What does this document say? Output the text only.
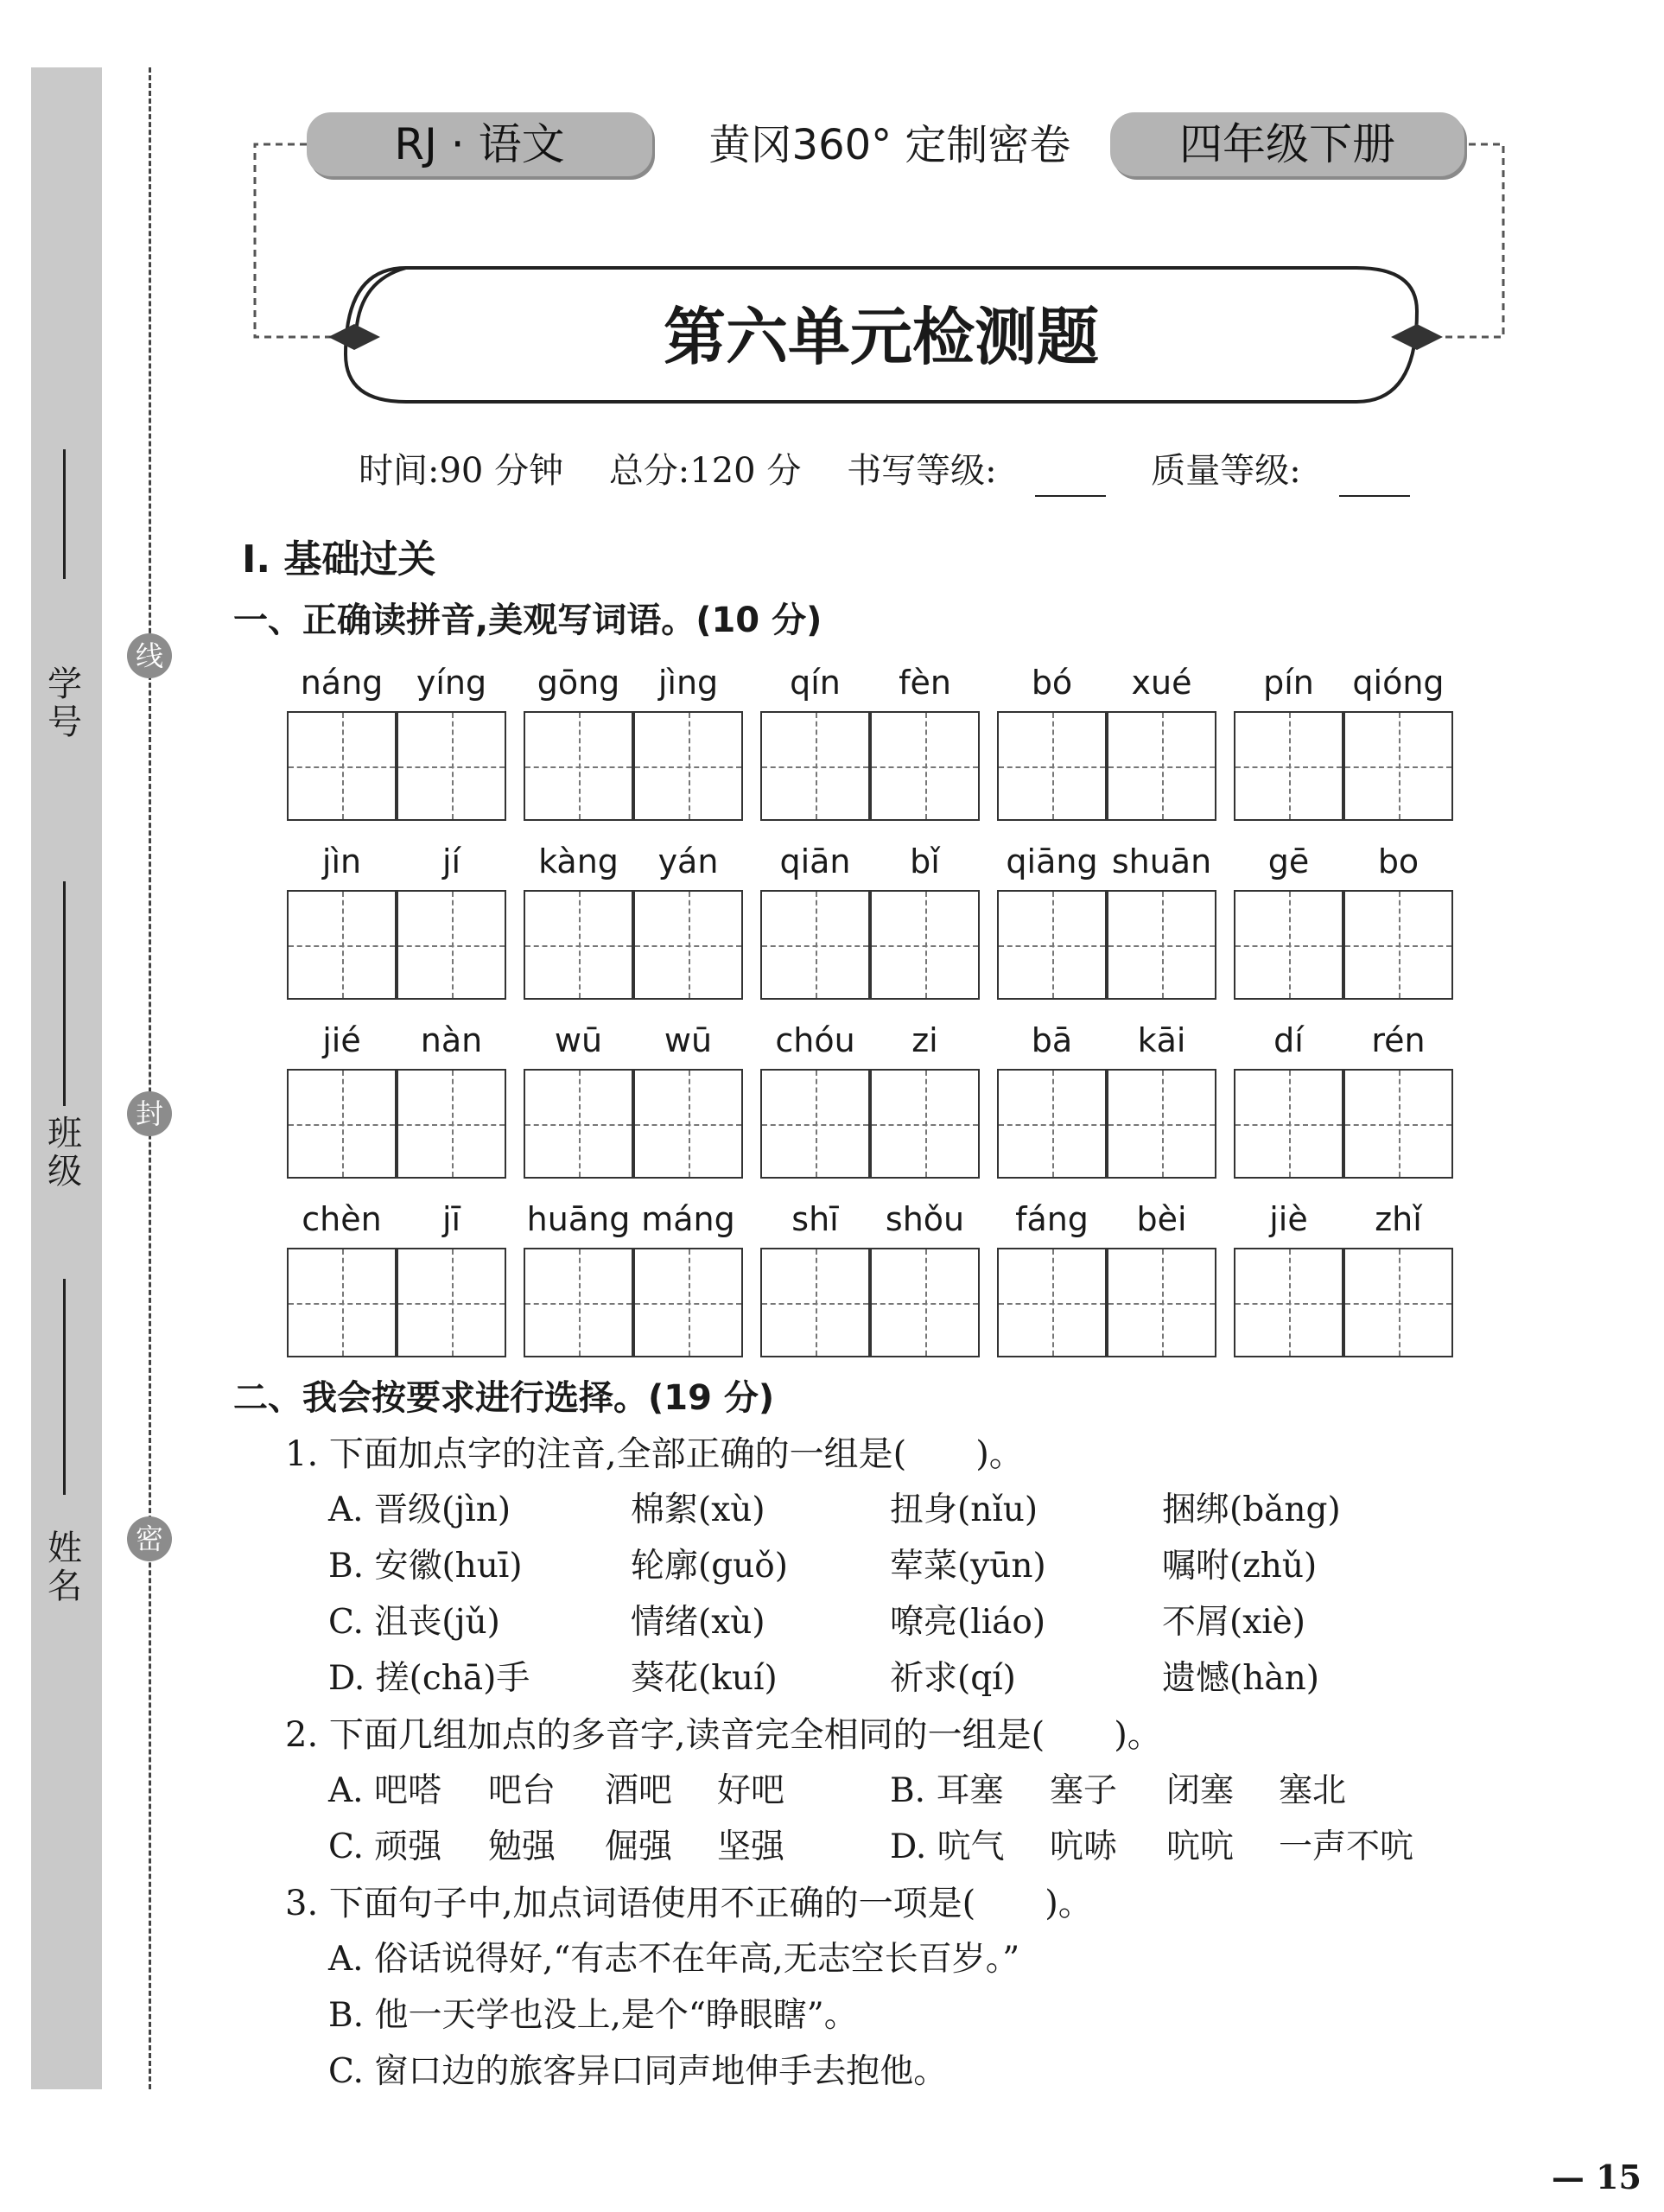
学号
班级
姓名
线
封
密
RJ · 语文	黄冈360° 定制密卷	四年级下册
第六单元检测题
时间:90 分钟 总分:120 分 书写等级:	质量等级:
Ⅰ. 基础过关
一、正确读拼音,美观写词语。(10 分)
náng	yíng	gōng	jìng	qín	fèn	bó	xué	pín	qióng
jìn	jí	kàng	yán	qiān	bǐ	qiāng shuān	gē	bo
jié	nàn	wū	wū	chóu	zi	bā	kāi	dí	rén
chèn	jī	huāng máng	shī	shǒu	fáng	bèi	jiè	zhǐ
二、我会按要求进行选择。(19 分)
1. 下面加点字的注音,全部正确的一组是(　　)。
A. 晋级(jìn)	棉絮(xù)	扭身(nǐu)	捆绑(bǎng)
B. 安徽(huī)	轮廓(guǒ)	荤菜(yūn)	嘱咐(zhǔ)
C. 沮丧(jǔ)	情绪(xù)	嘹亮(liáo)	不屑(xiè)
D. 搓(chā)手	葵花(kuí)	祈求(qí)	遗憾(hàn)
2. 下面几组加点的多音字,读音完全相同的一组是(　　)。
A. 吧嗒 吧台 酒吧 好吧	B. 耳塞 塞子 闭塞 塞北
C. 顽强 勉强 倔强 坚强	D. 吭气 吭哧 吭吭 一声不吭
3. 下面句子中,加点词语使用不正确的一项是(　　)。
A. 俗话说得好,“有志不在年高,无志空长百岁。”
B. 他一天学也没上,是个“睁眼瞎”。
C. 窗口边的旅客异口同声地伸手去抱他。
— 15
